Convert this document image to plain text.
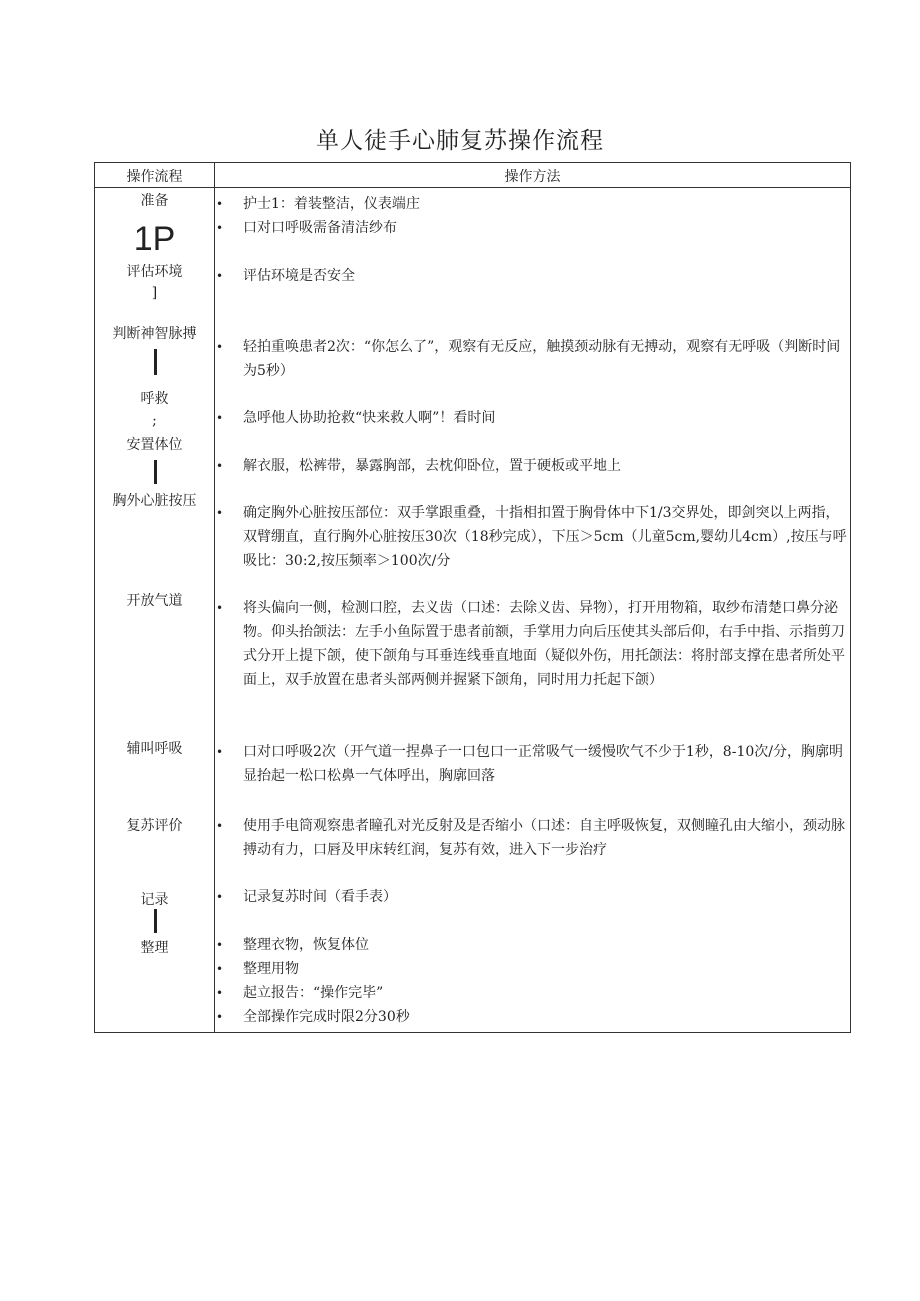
单人徒手心肺复苏操作流程
操作流程	操作方法
准备
1P
评估环境
]
判断神智脉搏
呼救
;
安置体位
胸外心脏按压
开放气道
辅叫呼吸
复苏评价
记录
整理
• 护士1：着装整洁，仪表端庄
• 口对口呼吸需备清洁纱布
• 评估环境是否安全
• 轻拍重唤患者2次：“你怎么了”，观察有无反应，触摸颈动脉有无搏动，观察有无呼吸（判断时间为5秒）
• 急呼他人协助抢救“快来救人啊”！看时间
• 解衣服，松裤带，暴露胸部，去枕仰卧位，置于硬板或平地上
• 确定胸外心脏按压部位：双手掌跟重叠，十指相扣置于胸骨体中下1/3交界处，即剑突以上两指，双臂绷直，直行胸外心脏按压30次（18秒完成），下压＞5cm（儿童5cm,婴幼儿4cm）,按压与呼吸比：30:2,按压频率＞100次/分
• 将头偏向一侧，检测口腔，去义齿（口述：去除义齿、异物），打开用物箱，取纱布清楚口鼻分泌物。仰头抬颌法：左手小鱼际置于患者前额，手掌用力向后压使其头部后仰，右手中指、示指剪刀式分开上提下颌，使下颌角与耳垂连线垂直地面（疑似外伤，用托颌法：将肘部支撑在患者所处平面上，双手放置在患者头部两侧并握紧下颌角，同时用力托起下颌）
• 口对口呼吸2次（开气道一捏鼻子一口包口一正常吸气一缓慢吹气不少于1秒，8-10次/分，胸廓明显抬起一松口松鼻一气体呼出，胸廓回落
• 使用手电筒观察患者瞳孔对光反射及是否缩小（口述：自主呼吸恢复，双侧瞳孔由大缩小，颈动脉搏动有力，口唇及甲床转红润，复苏有效，进入下一步治疗
• 记录复苏时间（看手表）
• 整理衣物，恢复体位
• 整理用物
• 起立报告：“操作完毕”
• 全部操作完成时限2分30秒
